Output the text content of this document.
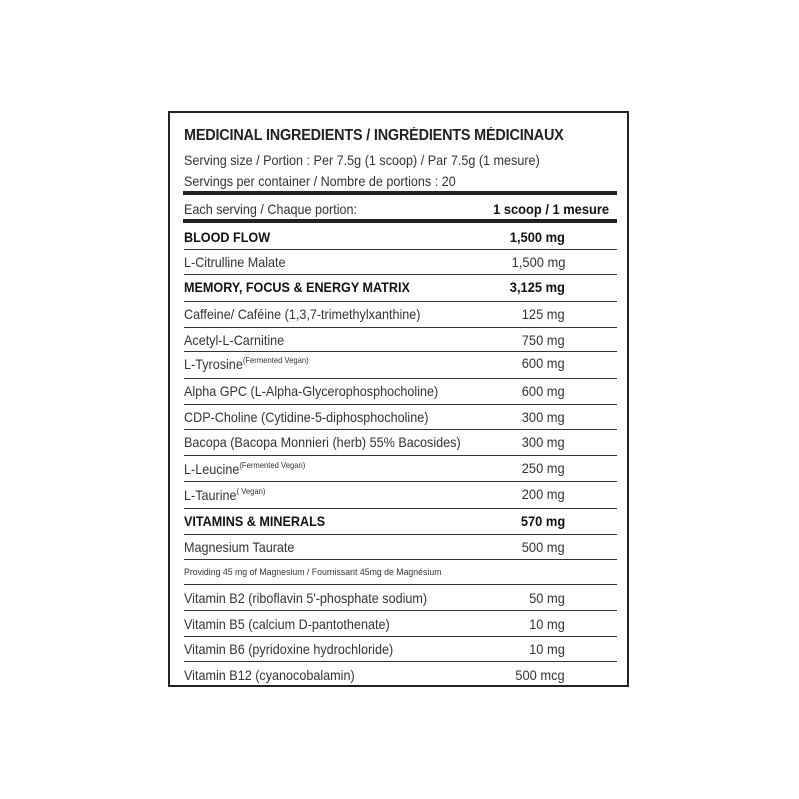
MEDICINAL INGREDIENTS / INGRÉDIENTS MÉDICINAUX
Serving size / Portion : Per 7.5g (1 scoop) / Par 7.5g (1 mesure)
Servings per container / Nombre de portions : 20
Each serving / Chaque portion:	1 scoop / 1 mesure
BLOOD FLOW	1,500 mg
L-Citrulline Malate	1,500 mg
MEMORY, FOCUS & ENERGY MATRIX	3,125 mg
Caffeine/ Caféine (1,3,7-trimethylxanthine)	125 mg
Acetyl-L-Carnitine	750 mg
L-Tyrosine$^{(Fermented Vegan)}$	600 mg
Alpha GPC (L-Alpha-Glycerophosphocholine)	600 mg
CDP-Choline (Cytidine-5-diphosphocholine)	300 mg
Bacopa (Bacopa Monnieri (herb) 55% Bacosides)	300 mg
L-Leucine$^{(Fermented Vegan)}$	250 mg
L-Taurine$^{( Vegan)}$	200 mg
VITAMINS & MINERALS	570 mg
Magnesium Taurate	500 mg
Providing 45 mg of Magnesium / Fournissant 45mg de Magnésium
Vitamin B2 (riboflavin 5'-phosphate sodium)	50 mg
Vitamin B5 (calcium D-pantothenate)	10 mg
Vitamin B6 (pyridoxine hydrochloride)	10 mg
Vitamin B12 (cyanocobalamin)	500 mcg
